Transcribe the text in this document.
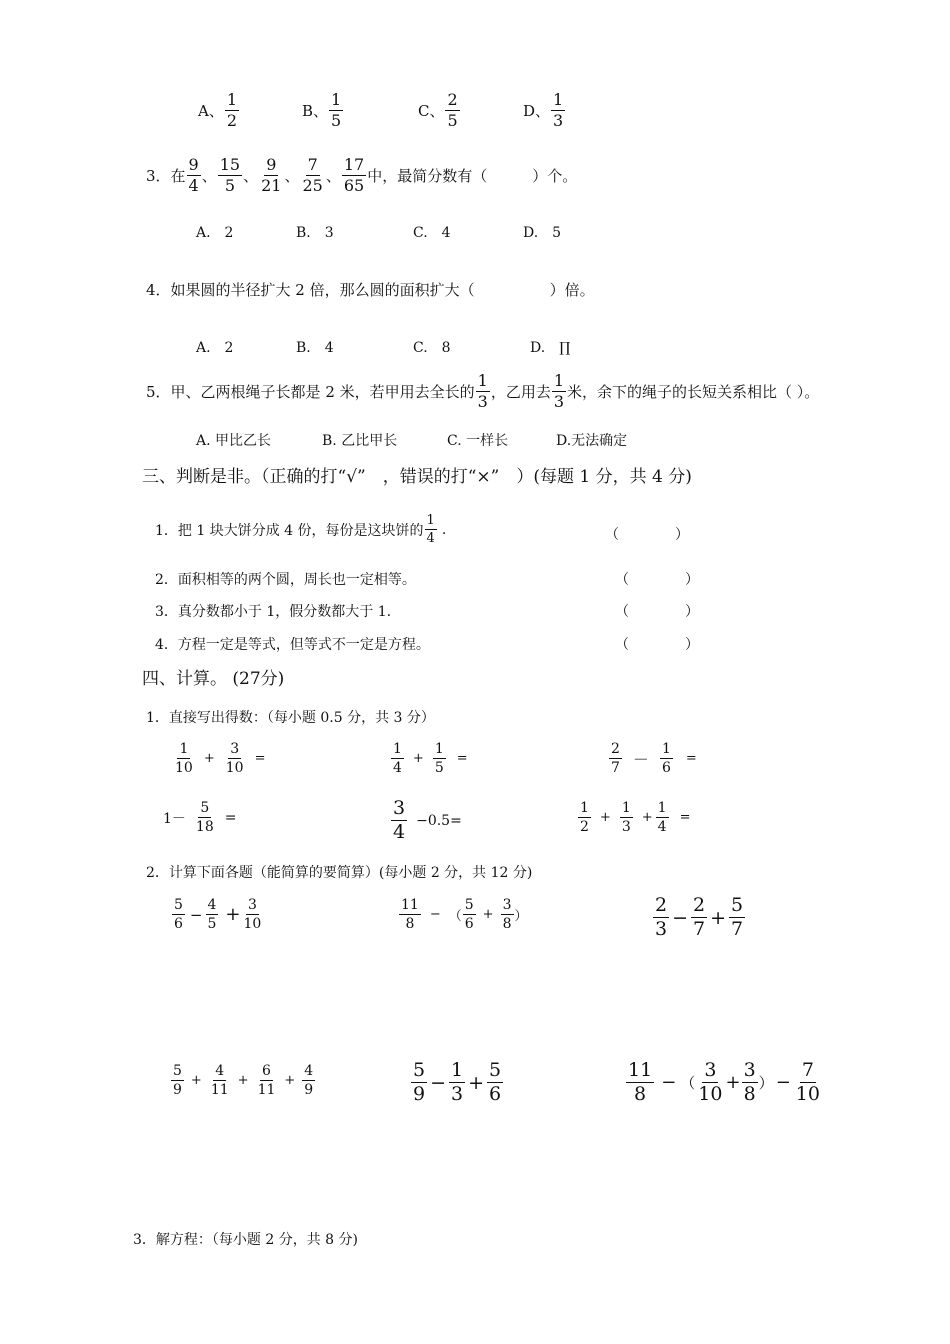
A、 $\frac{1}{2}$	B、 $\frac{1}{5}$	C、 $\frac{2}{5}$	D、 $\frac{1}{3}$
3．在 $\frac{9}{4}$ 、 $\frac{15}{5}$ 、 $\frac{9}{21}$ 、 $\frac{7}{25}$ 、 $\frac{17}{65}$ 中，最简分数有（　　　）个。
A.　2	B.　3	C.　4	D.　5
4．如果圆的半径扩大 2 倍，那么圆的面积扩大（　　　　　）倍。
A.　2	B.　4	C.　8	D.　∏
5．甲、乙两根绳子长都是 2 米，若甲用去全长的 $\frac{1}{3}$ ，乙用去 $\frac{1}{3}$ 米，余下的绳子的长短关系相比（ ）。
A. 甲比乙长	B. 乙比甲长	C. 一样长	D.无法确定
三、判断是非。（正确的打“√”　，错误的打“×”　）(每题 1 分，共 4 分)
1．把 1 块大饼分成 4 份，每份是这块饼的 $\frac{1}{4}$ .	（　　　　）
2．面积相等的两个圆，周长也一定相等。	（　　　　）
3．真分数都小于 1，假分数都大于 1.	（　　　　）
4．方程一定是等式，但等式不一定是方程。	（　　　　）
四、计算。 (27分)
1．直接写出得数：（每小题 0.5 分，共 3 分）
$\frac{1}{10} + \frac{3}{10}$ =	$\frac{1}{4} + \frac{1}{5}$ =	$\frac{2}{7} - \frac{1}{6}$ =
$1- \frac{5}{18}$ =	$\frac{3}{4} -0.5=$	$\frac{1}{2} + \frac{1}{3} + \frac{1}{4}$ =
2．计算下面各题（能简算的要简算）(每小题 2 分，共 12 分)
$\frac{5}{6} - \frac{4}{5} + \frac{3}{10}$	$\frac{11}{8}$ − （ $\frac{5}{6} + \frac{3}{8}$ ）	$\frac{2}{3} - \frac{2}{7} + \frac{5}{7}$
$\frac{5}{9} + \frac{4}{11} + \frac{6}{11} + \frac{4}{9}$	$\frac{5}{9} - \frac{1}{3} + \frac{5}{6}$	$\frac{11}{8}$ − （ $\frac{3}{10} + \frac{3}{8}$ ） − $\frac{7}{10}$
3．解方程：（每小题 2 分，共 8 分)
